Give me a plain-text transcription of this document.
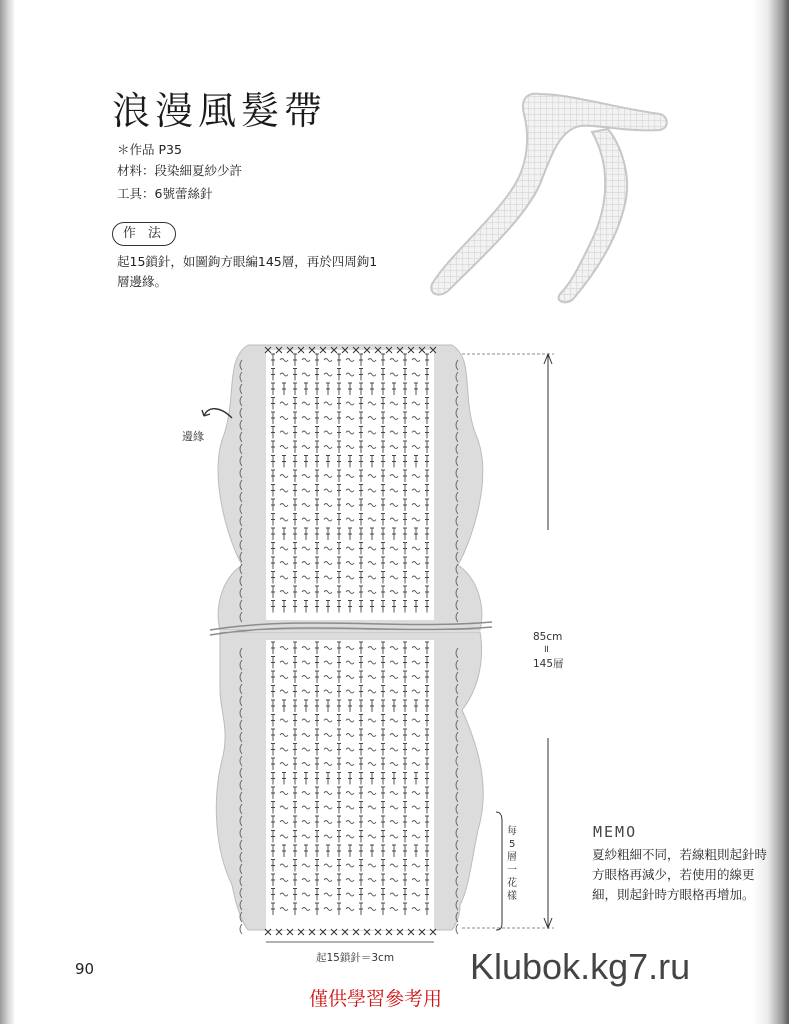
浪漫風髮帶
＊作品 P35
材料：段染細夏紗少許
工具：6號蕾絲針
作 法
起15鎖針，如圖鉤方眼編145層，再於四周鉤1層邊緣。
邊緣
85cm
॥
145層
每
5
層
一
花
樣
起15鎖針＝3cm
90
MEMO
夏紗粗細不同，若線粗則起針時方眼格再減少，若使用的線更細，則起針時方眼格再增加。
Klubok.kg7.ru
僅供學習參考用
